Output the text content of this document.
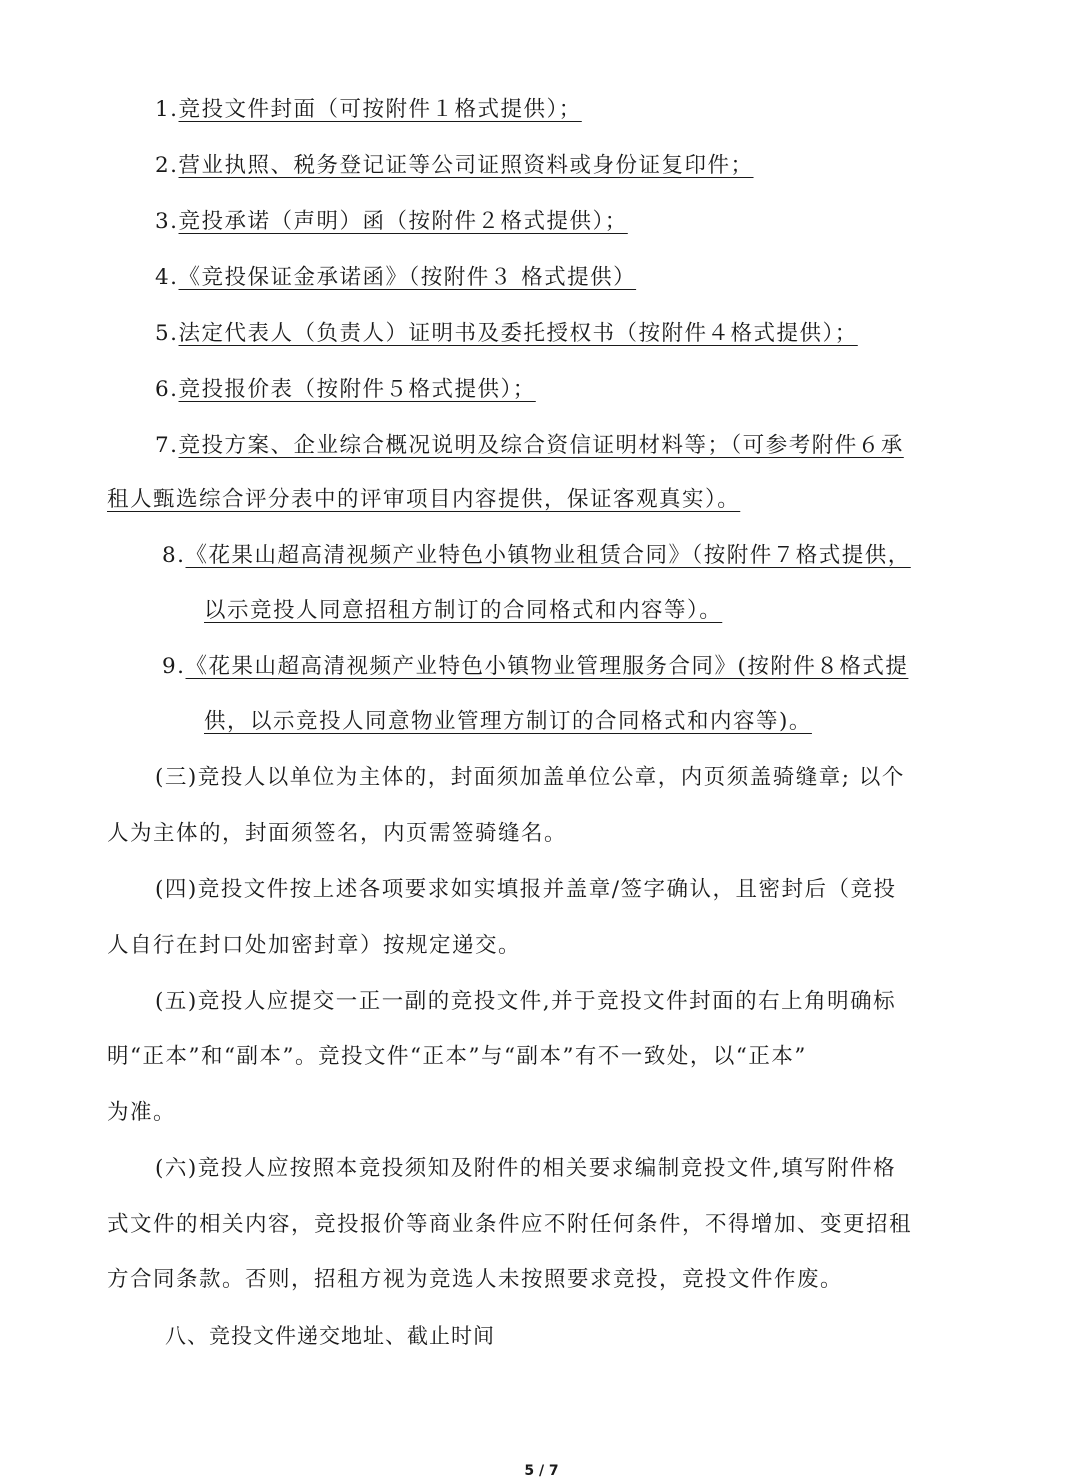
1.竞投文件封面（可按附件１格式提供）；
2.营业执照、税务登记证等公司证照资料或身份证复印件；
3.竞投承诺（声明）函（按附件２格式提供）；
4.《竞投保证金承诺函》（按附件３ 格式提供）
5.法定代表人（负责人）证明书及委托授权书（按附件４格式提供）；
6.竞投报价表（按附件５格式提供）；
7.竞投方案、企业综合概况说明及综合资信证明材料等；（可参考附件６承
租人甄选综合评分表中的评审项目内容提供，保证客观真实）。
8.《花果山超高清视频产业特色小镇物业租赁合同》（按附件７格式提供，
以示竞投人同意招租方制订的合同格式和内容等）。
9.《花果山超高清视频产业特色小镇物业管理服务合同》(按附件８格式提
供，以示竞投人同意物业管理方制订的合同格式和内容等)。
(三)竞投人以单位为主体的，封面须加盖单位公章，内页须盖骑缝章; 以个
人为主体的，封面须签名，内页需签骑缝名。
(四)竞投文件按上述各项要求如实填报并盖章/签字确认，且密封后（竞投
人自行在封口处加密封章）按规定递交。
(五)竞投人应提交一正一副的竞投文件,并于竞投文件封面的右上角明确标
明“正本”和“副本”。竞投文件“正本”与“副本”有不一致处，以“正本”
为准。
(六)竞投人应按照本竞投须知及附件的相关要求编制竞投文件,填写附件格
式文件的相关内容，竞投报价等商业条件应不附任何条件，不得增加、变更招租
方合同条款。否则，招租方视为竞选人未按照要求竞投，竞投文件作废。
八、竞投文件递交地址、截止时间
5 / 7
